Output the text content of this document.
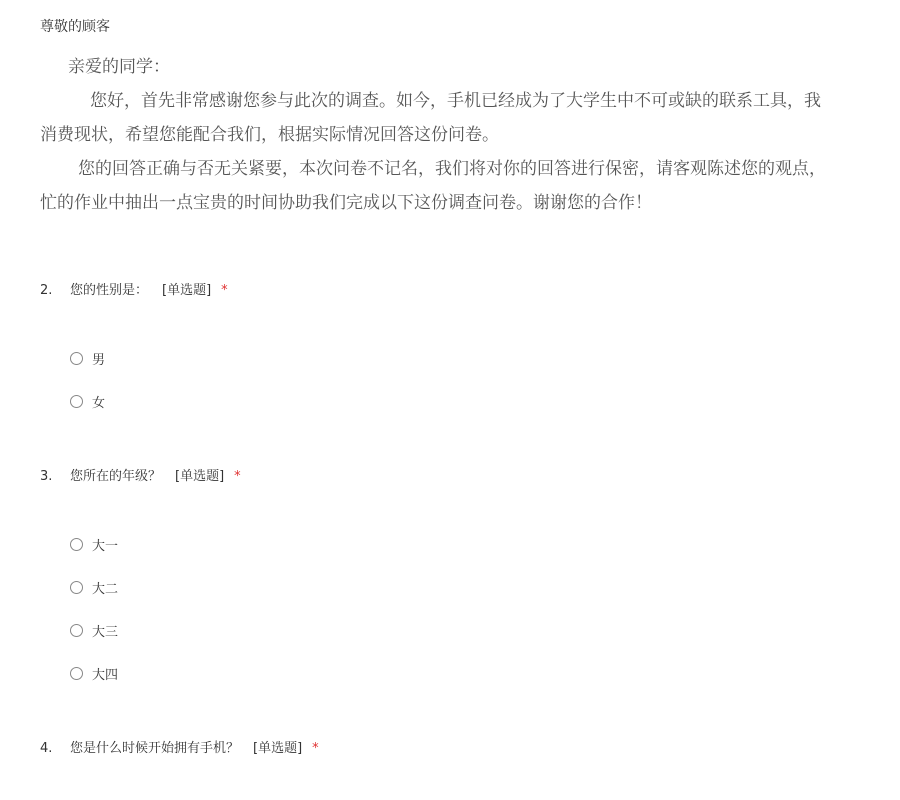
尊敬的顾客

亲爱的同学：

您好，首先非常感谢您参与此次的调查。如今，手机已经成为了大学生中不可或缺的联系工具，我

消费现状，希望您能配合我们，根据实际情况回答这份问卷。

您的回答正确与否无关紧要，本次问卷不记名，我们将对你的回答进行保密，请客观陈述您的观点，

忙的作业中抽出一点宝贵的时间协助我们完成以下这份调查问卷。谢谢您的合作！

2. 您的性别是： [单选题] *
男
女
3. 您所在的年级？ [单选题] *
大一
大二
大三
大四
4. 您是什么时候开始拥有手机？ [单选题] *
